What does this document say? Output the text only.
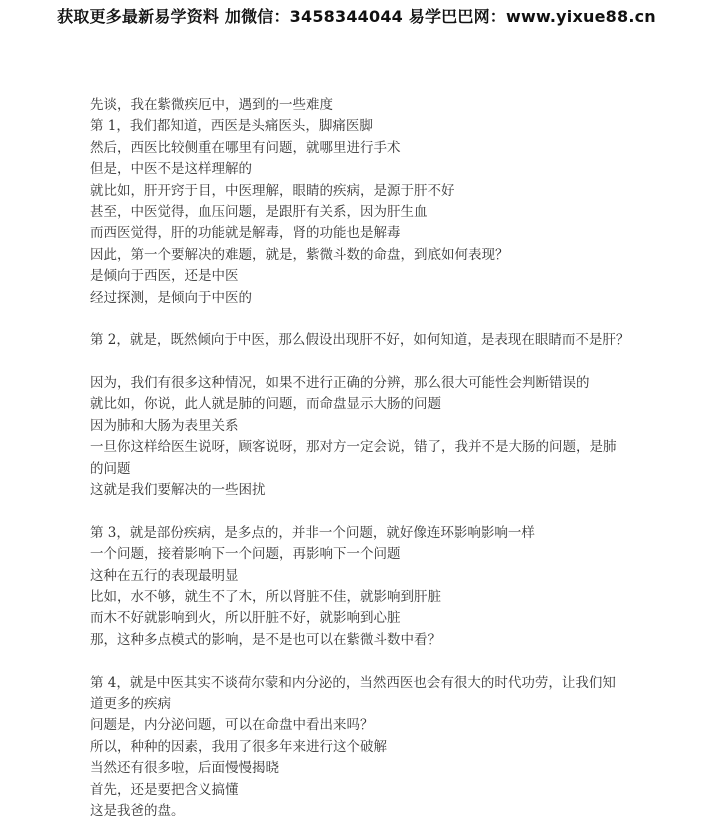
获取更多最新易学资料 加微信：3458344044 易学巴巴网：www.yixue88.cn
先谈，我在紫微疾厄中，遇到的一些难度
第 1，我们都知道，西医是头痛医头，脚痛医脚
然后，西医比较侧重在哪里有问题，就哪里进行手术
但是，中医不是这样理解的
就比如，肝开窍于目，中医理解，眼睛的疾病，是源于肝不好
甚至，中医觉得，血压问题，是跟肝有关系，因为肝生血
而西医觉得，肝的功能就是解毒，肾的功能也是解毒
因此，第一个要解决的难题，就是，紫微斗数的命盘，到底如何表现？
是倾向于西医，还是中医
经过探测，是倾向于中医的
第 2，就是，既然倾向于中医，那么假设出现肝不好，如何知道，是表现在眼睛而不是肝？
因为，我们有很多这种情况，如果不进行正确的分辨，那么很大可能性会判断错误的
就比如，你说，此人就是肺的问题，而命盘显示大肠的问题
因为肺和大肠为表里关系
一旦你这样给医生说呀，顾客说呀，那对方一定会说，错了，我并不是大肠的问题，是肺
的问题
这就是我们要解决的一些困扰
第 3，就是部份疾病，是多点的，并非一个问题，就好像连环影响影响一样
一个问题，接着影响下一个问题，再影响下一个问题
这种在五行的表现最明显
比如，水不够，就生不了木，所以肾脏不佳，就影响到肝脏
而木不好就影响到火，所以肝脏不好，就影响到心脏
那，这种多点模式的影响，是不是也可以在紫微斗数中看？
第 4，就是中医其实不谈荷尔蒙和内分泌的，当然西医也会有很大的时代功劳，让我们知
道更多的疾病
问题是，内分泌问题，可以在命盘中看出来吗？
所以，种种的因素，我用了很多年来进行这个破解
当然还有很多啦，后面慢慢揭晓
首先，还是要把含义搞懂
这是我爸的盘。
